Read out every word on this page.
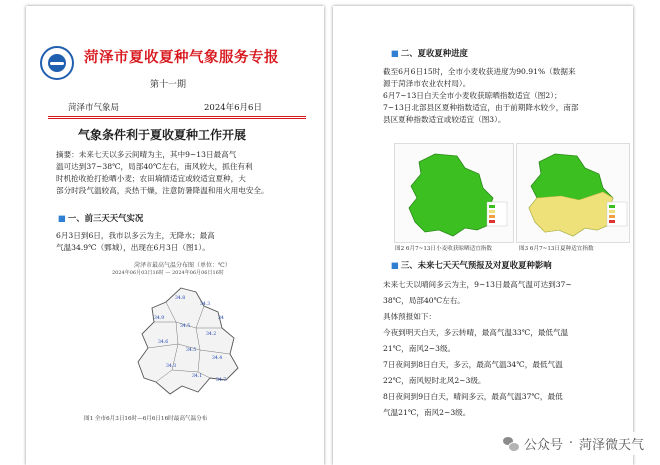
菏泽市夏收夏种气象服务专报
第十一期
菏泽市气象局	2024年6月6日
气象条件利于夏收夏种工作开展
摘要：未来七天以多云间晴为主，其中9~13日最高气
温可达到37~38℃，局部40℃左右，南风较大，抓住有利
时机抢收抢打抢晒小麦；农田墒情适宜或较适宜夏种，大
部分时段气温较高，炎热干燥，注意防暑降温和用火用电安全。
■ 一、前三天天气实况
6月3日到6日，我市以多云为主，无降水；最高
气温34.9℃（鄄城），出现在6月3日（图1）。
菏泽市最高气温分布图（单位：℃）
2024年06月03日16时 — 2024年06月06日16时
34.8
34.3
34
34.9
34.5
34.2
34.6
34.5
34.4
34.3
34.1
34.7
图1 全市6月3日16时—6月6日16时最高气温分布
■ 二、夏收夏种进度
截至6月6日15时，全市小麦收获进度为90.91%（数据来
源于菏泽市农业农村局）。
6月7~13日白天全市小麦收获晾晒指数适宜（图2）；
7~13日北部县区夏种指数适宜，由于前期降水较少，南部
县区夏种指数适宜或较适宜（图3）。
图2 6月7~13日小麦收获晾晒适宜指数	图3 6月7~13日夏种适宜指数
■ 三、未来七天天气预报及对夏收夏种影响
未来七天以晴间多云为主，9~13日最高气温可达到37~
38℃，局部40℃左右。
具体预报如下：
今夜到明天白天，多云转晴，最高气温33℃，最低气温
21℃，南风2~3级。
7日夜间到8日白天，多云，最高气温34℃，最低气温
22℃，南风短时北风2~3级。
8日夜间到9日白天，晴间多云，最高气温37℃，最低
气温21℃，南风2~3级。
公众号 · 菏泽微天气
